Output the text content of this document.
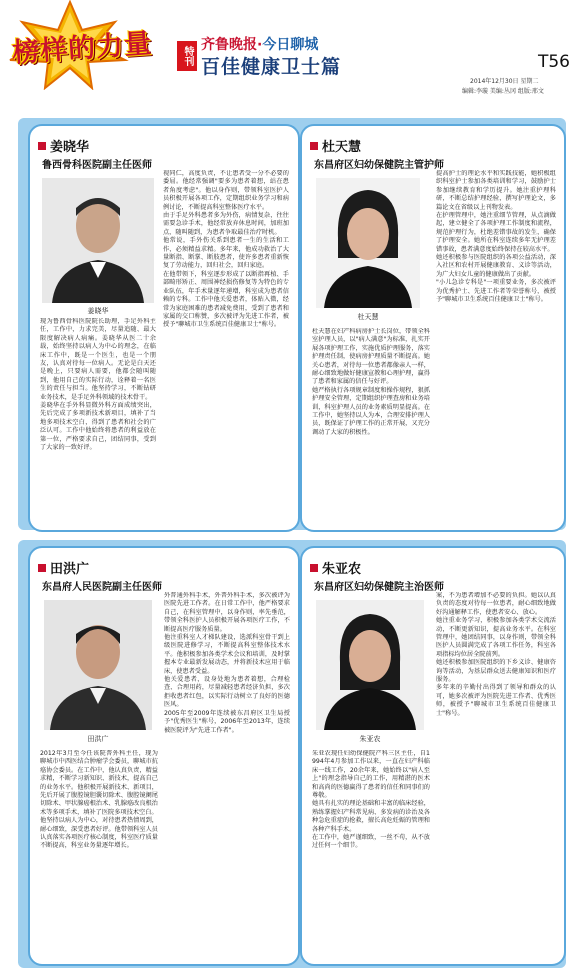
榜样的力量	特刊
齐鲁晚报·今日聊城
百佳健康卫士篇	T56
2014年12月30日 星期二
编辑:李璇 美编:丛冈 组版:邢文
姜晓华
鲁西骨科医院副主任医师
姜晓华
现为鲁西骨科医院院长助理，手足外科主任，工作中，力求完美，尽量追随、最大限度解决病人病痛。姜晓华从医二十余载，始终坚持以病人为中心的理念，在临床工作中，既是一个医生，也是一个朋友，认真对待每一位病人。无论是白天还是晚上，只要病人需要，他都会随叫随到，他用自己的实际行动，诠释着一名医生的责任与担当。他坚持学习，不断钻研业务技术，是手足外科领域的技术骨干。
姜晓华在手外科显微外科方面成绩突出，先后完成了多项新技术新项目，填补了当地多项技术空白，得到了患者和社会的广泛认可。工作中他始终将患者的利益放在第一位，严格要求自己，团结同事，受到了大家的一致好评。
视同仁，高度负责，不让患者受一分不必要的委屈。他经常强调"要多为患者着想，站在患者角度考虑"。他以身作则，带领科室医护人员积极开展各项工作，定期组织业务学习和病例讨论，不断提高科室整体医疗水平。
由于手足外科患者多为外伤，病情复杂，往往需要急诊手术，他经常放弃休息时间，加班加点，随叫随到，为患者争取最佳治疗时机。
他常说，手外伤关系到患者一生的生活和工作，必须精益求精。多年来，他成功救治了大量断指、断掌、断肢患者，使许多患者重新恢复了劳动能力，回归社会，回归家庭。
在他带领下，科室逐步形成了以断指再植、手部畸形矫正、周围神经损伤修复等为特色的专业队伍，年手术量逐年递增，科室成为患者信赖的专科。工作中他关爱患者，体贴入微，经常为家庭困难的患者减免费用，受到了患者和家属的交口称赞，多次被评为先进工作者，被授予"聊城市卫生系统百佳健康卫士"称号。
杜天慧
东昌府区妇幼保健院主管护师
杜天慧
杜天慧在妇产科病房护士长岗位，带领全科室护理人员，以"病人满意"为标准，扎实开展各项护理工作，实施优质护理服务，落实护理责任制，使病房护理质量不断提高。她关心患者，对待每一位患者都像亲人一样，耐心细致地做好健康宣教和心理护理，赢得了患者和家属的信任与好评。
她严格执行各项规章制度和操作规程，狠抓护理安全管理，定期组织护理查房和业务培训，科室护理人员的业务素质明显提高。在工作中，她坚持以人为本，合理安排护理人员，既保证了护理工作的正常开展，又充分调动了大家的积极性。
提高护士的理论水平和实践技能，她积极组织科室护士参加各类培训和学习，鼓励护士参加继续教育和学历提升。她注重护理科研，不断总结护理经验，撰写护理论文，多篇论文在省级以上刊物发表。
在护理管理中，她注重细节管理，从点滴做起，建立健全了各项护理工作制度和流程，规范护理行为，杜绝差错事故的发生，确保了护理安全。她所在科室连续多年无护理差错事故，患者满意度始终保持在较高水平。
她还积极参与医院组织的各项公益活动，深入社区和农村开展健康教育、义诊等活动，为广大妇女儿童的健康做出了贡献。
"小儿急诊专科是"一项重要业务，多次被评为优秀护士、先进工作者等荣誉称号，被授予"聊城市卫生系统百佳健康卫士"称号。
田洪广
东昌府人民医院副主任医师
田洪广
2012年3月至今任该院普外科主任，现为聊城市中西医结合肿瘤学会委员，聊城市抗癌协会委员。在工作中，他认真负责，精益求精，不断学习新知识、新技术，提高自己的业务水平。他积极开展新技术、新项目，先后开展了腹腔镜胆囊切除术、腹腔镜阑尾切除术、甲状腺癌根治术、乳腺癌改良根治术等多项手术，填补了医院多项技术空白。
他坚持以病人为中心，对待患者热情周到，耐心细致，深受患者好评。他带领科室人员认真落实各项医疗核心制度，科室医疗质量不断提高，科室业务量逐年增长。
外普通外科手术，外普外科手术，多次被评为医院先进工作者。在日常工作中，他严格要求自己，在科室管理中，以身作则，率先垂范，带领全科医护人员积极开展各项医疗工作，不断提高医疗服务质量。
他注重科室人才梯队建设，选派科室骨干到上级医院进修学习，不断提高科室整体技术水平。他积极参加各类学术会议和培训，及时掌握本专业最新发展动态，并将新技术应用于临床，使患者受益。
他关爱患者，设身处地为患者着想，合理检查、合理用药，尽量减轻患者经济负担，多次拒收患者红包，以实际行动树立了良好的医德医风。
2005年至2009年连续被东昌府区卫生局授予"优秀医生"称号，2006年至2013年，连续被医院评为"先进工作者"。
朱亚农
东昌府区妇幼保健院主治医师
朱亚农
朱亚农现任妇幼保健院产科三区主任，自1994年4月参加工作以来，一直在妇产科临床一线工作，20余年来，她始终以"病人至上"的理念指导自己的工作，用精湛的医术和高尚的医德赢得了患者的信任和同事们的尊敬。
她具有扎实的理论基础和丰富的临床经验，熟练掌握妇产科常见病、多发病的诊治及各种急危重症的抢救，擅长高危妊娠的管理和各种产科手术。
在工作中，她严谨细致，一丝不苟，从不放过任何一个细节。
案，不为患者增加不必要的负担。她以认真负责的态度对待每一位患者，耐心细致地做好沟通解释工作，使患者安心、放心。
她注重业务学习，积极参加各类学术交流活动，不断更新知识，提高业务水平。在科室管理中，她团结同事，以身作则，带领全科医护人员圆满完成了各项工作任务，科室各项指标均位居全院前列。
她还积极参加医院组织的下乡义诊、健康咨询等活动，为基层群众送去健康知识和医疗服务。
多年来的辛勤付出得到了领导和群众的认可，她多次被评为医院先进工作者、优秀医师，被授予"聊城市卫生系统百佳健康卫士"称号。
